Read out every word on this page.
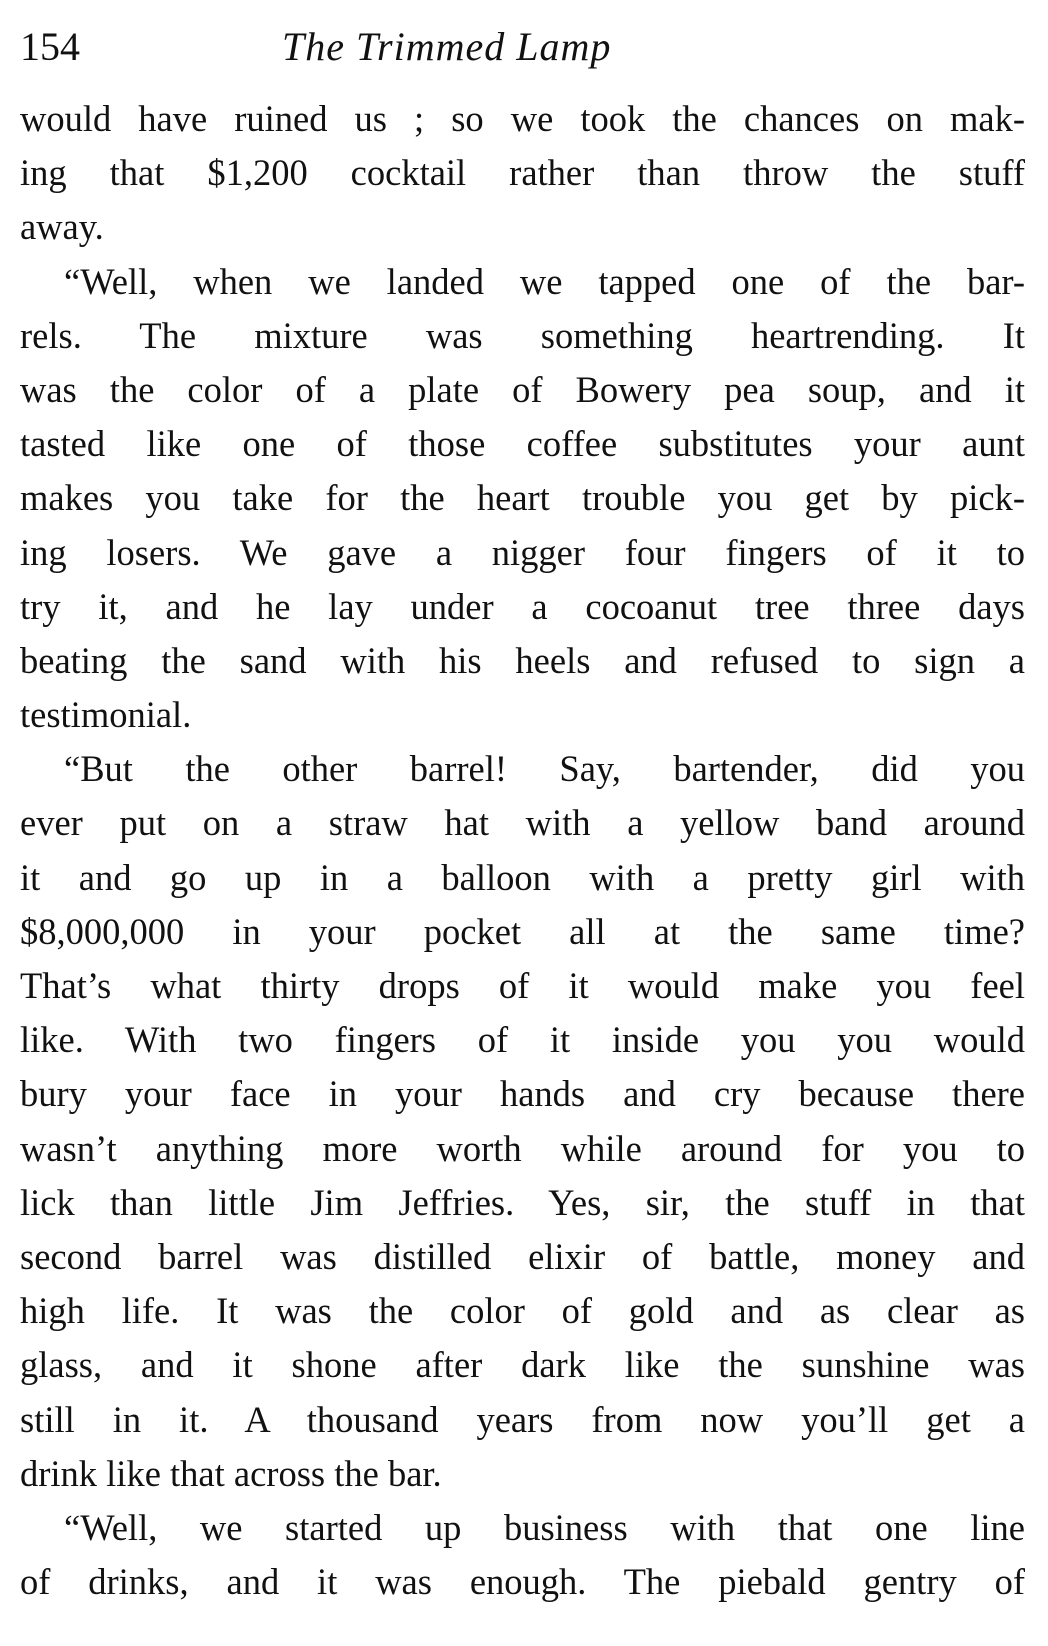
154	The Trimmed Lamp
would have ruined us ; so we took the chances on mak-
ing that $1,200 cocktail rather than throw the stuff
away.
“Well, when we landed we tapped one of the bar-
rels. The mixture was something heartrending. It
was the color of a plate of Bowery pea soup, and it
tasted like one of those coffee substitutes your aunt
makes you take for the heart trouble you get by pick-
ing losers. We gave a nigger four fingers of it to
try it, and he lay under a cocoanut tree three days
beating the sand with his heels and refused to sign a
testimonial.
“But the other barrel! Say, bartender, did you
ever put on a straw hat with a yellow band around
it and go up in a balloon with a pretty girl with
$8,000,000 in your pocket all at the same time?
That’s what thirty drops of it would make you feel
like. With two fingers of it inside you you would
bury your face in your hands and cry because there
wasn’t anything more worth while around for you to
lick than little Jim Jeffries. Yes, sir, the stuff in that
second barrel was distilled elixir of battle, money and
high life. It was the color of gold and as clear as
glass, and it shone after dark like the sunshine was
still in it. A thousand years from now you’ll get a
drink like that across the bar.
“Well, we started up business with that one line
of drinks, and it was enough. The piebald gentry of
